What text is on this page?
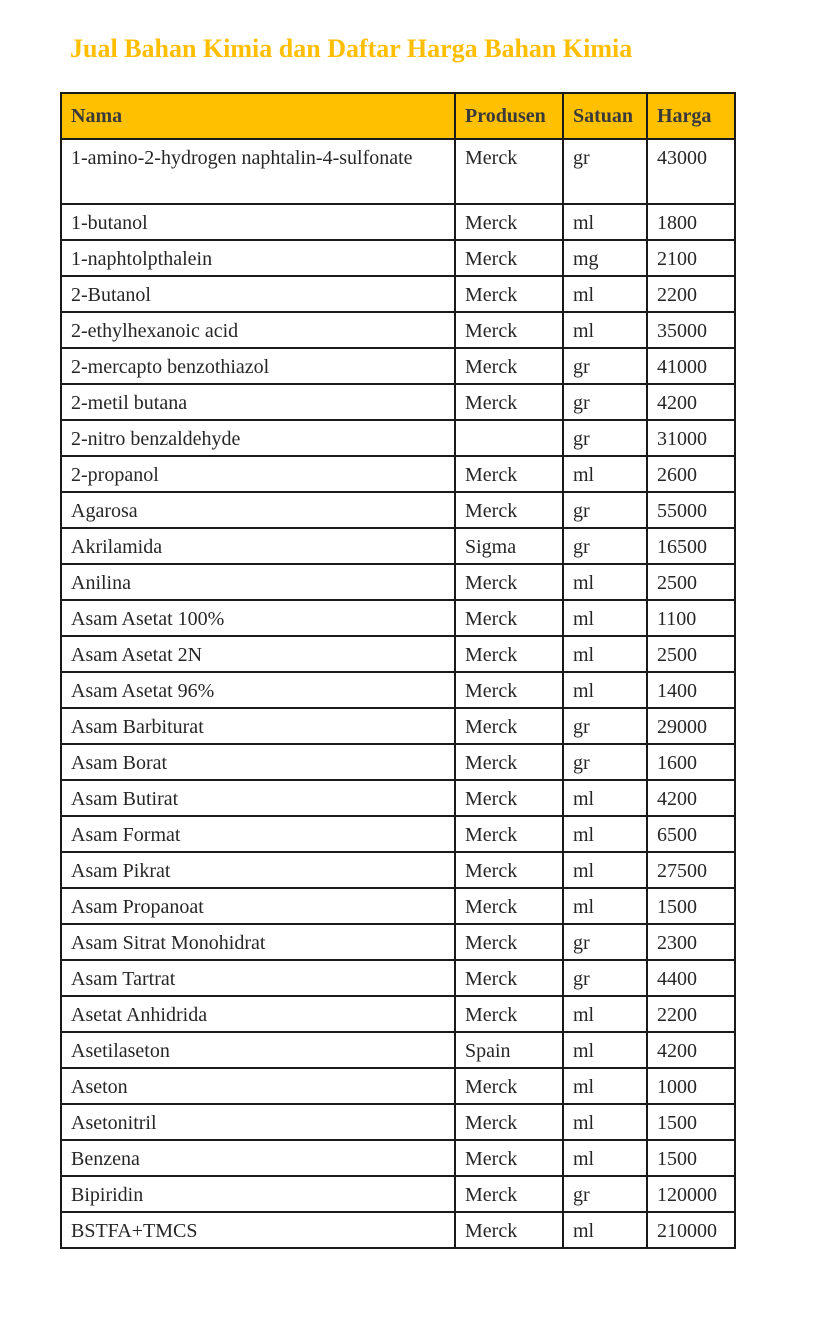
Jual Bahan Kimia dan Daftar Harga Bahan Kimia
Nama	Produsen	Satuan	Harga

1-amino-2-hydrogen naphtalin-4-sulfonate	Merck	gr	43000

1-butanol	Merck	ml	1800

1-naphtolpthalein	Merck	mg	2100

2-Butanol	Merck	ml	2200

2-ethylhexanoic acid	Merck	ml	35000

2-mercapto benzothiazol	Merck	gr	41000

2-metil butana	Merck	gr	4200

2-nitro benzaldehyde		gr	31000

2-propanol	Merck	ml	2600

Agarosa	Merck	gr	55000

Akrilamida	Sigma	gr	16500

Anilina	Merck	ml	2500

Asam Asetat 100%	Merck	ml	1100

Asam Asetat 2N	Merck	ml	2500

Asam Asetat 96%	Merck	ml	1400

Asam Barbiturat	Merck	gr	29000

Asam Borat	Merck	gr	1600

Asam Butirat	Merck	ml	4200

Asam Format	Merck	ml	6500

Asam Pikrat	Merck	ml	27500

Asam Propanoat	Merck	ml	1500

Asam Sitrat Monohidrat	Merck	gr	2300

Asam Tartrat	Merck	gr	4400

Asetat Anhidrida	Merck	ml	2200

Asetilaseton	Spain	ml	4200

Aseton	Merck	ml	1000

Asetonitril	Merck	ml	1500

Benzena	Merck	ml	1500

Bipiridin	Merck	gr	120000

BSTFA+TMCS	Merck	ml	210000
